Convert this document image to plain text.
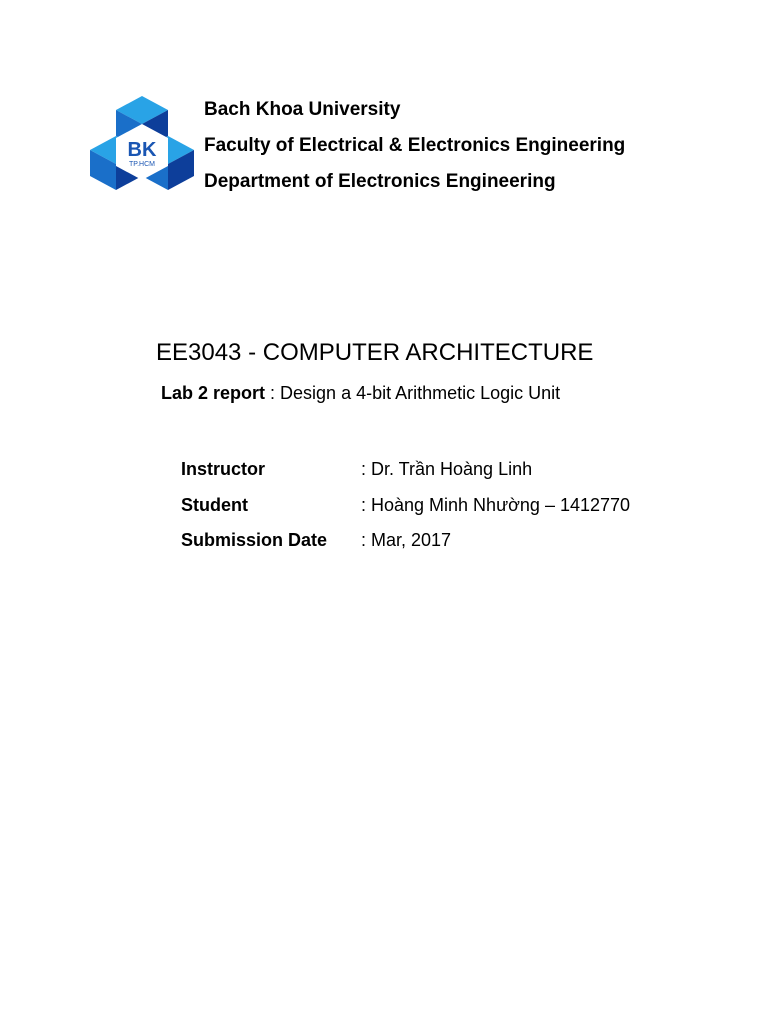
BK
TP.HCM
Bach Khoa University
Faculty of Electrical & Electronics Engineering
Department of Electronics Engineering
EE3043 - COMPUTER ARCHITECTURE
Lab 2 report : Design a 4-bit Arithmetic Logic Unit
Instructor	: Dr. Trần Hoàng Linh
Student	: Hoàng Minh Nhường – 1412770
Submission Date	: Mar, 2017
